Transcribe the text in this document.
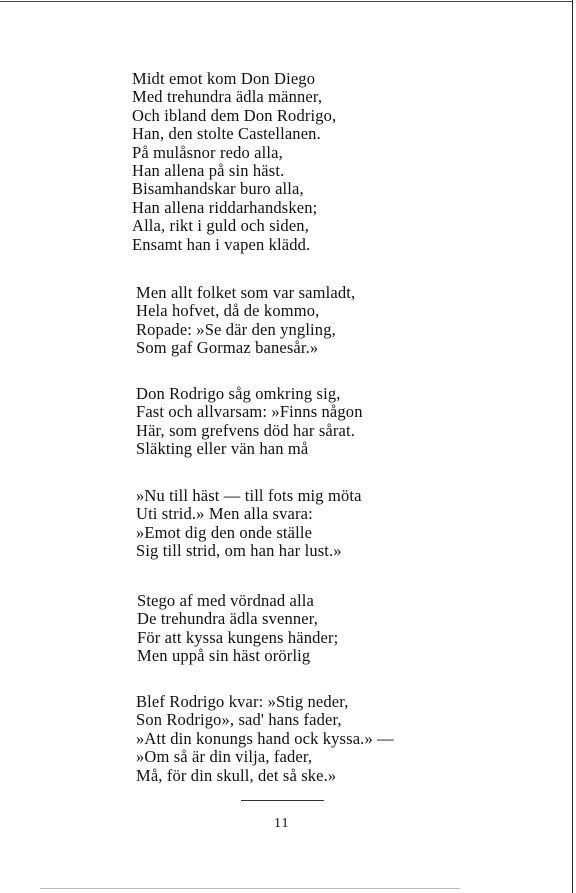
Midt emot kom Don Diego
Med trehundra ädla männer,
Och ibland dem Don Rodrigo,
Han, den stolte Castellanen.
På mulåsnor redo alla,
Han allena på sin häst.
Bisamhandskar buro alla,
Han allena riddarhandsken;
Alla, rikt i guld och siden,
Ensamt han i vapen klädd.
Men allt folket som var samladt,
Hela hofvet, då de kommo,
Ropade: »Se där den yngling,
Som gaf Gormaz banesår.»
Don Rodrigo såg omkring sig,
Fast och allvarsam: »Finns någon
Här, som grefvens död har sårat.
Släkting eller vän han må
»Nu till häst — till fots mig möta
Uti strid.» Men alla svara:
»Emot dig den onde ställe
Sig till strid, om han har lust.»
Stego af med vördnad alla
De trehundra ädla svenner,
För att kyssa kungens händer;
Men uppå sin häst orörlig
Blef Rodrigo kvar: »Stig neder,
Son Rodrigo», sad' hans fader,
»Att din konungs hand ock kyssa.» —
»Om så är din vilja, fader,
Må, för din skull, det så ske.»
11
